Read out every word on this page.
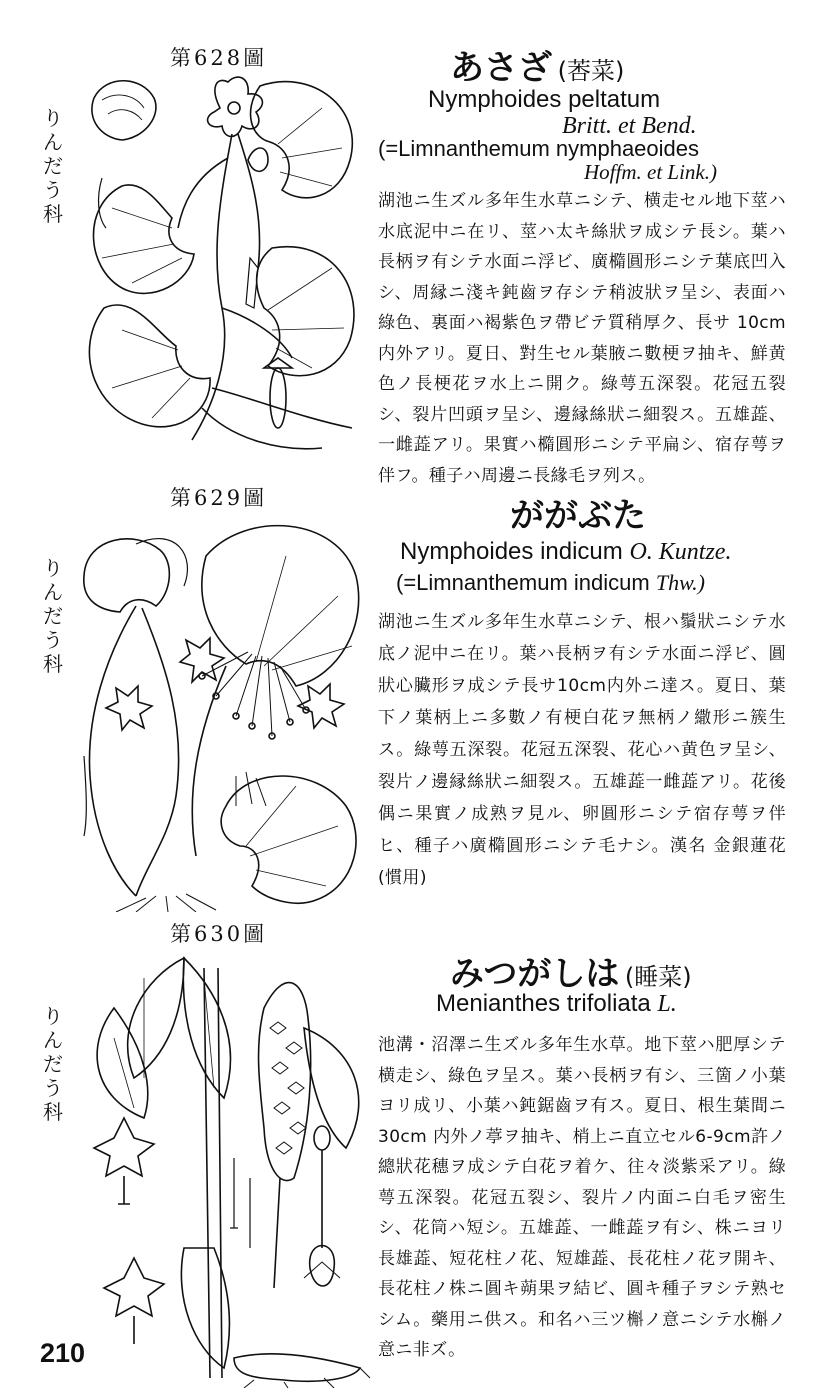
第628圖
りんだう科
あさざ (莕菜)
Nymphoides peltatum
Britt. et Bend.
(=Limnanthemum nymphaeoides
Hoffm. et Link.)
湖池ニ生ズル多年生水草ニシテ、横走セル地下莖ハ水底泥中ニ在リ、莖ハ太キ絲狀ヲ成シテ長シ。葉ハ長柄ヲ有シテ水面ニ浮ビ、廣橢圓形ニシテ葉底凹入シ、周縁ニ淺キ鈍齒ヲ存シテ稍波狀ヲ呈シ、表面ハ綠色、裏面ハ褐紫色ヲ帶ビテ質稍厚ク、長サ 10cm 内外アリ。夏日、對生セル葉腋ニ數梗ヲ抽キ、鮮黄色ノ長梗花ヲ水上ニ開ク。綠萼五深裂。花冠五裂シ、裂片凹頭ヲ呈シ、邊縁絲狀ニ細裂ス。五雄蕋、一雌蕋アリ。果實ハ橢圓形ニシテ平扁シ、宿存萼ヲ伴フ。種子ハ周邊ニ長緣毛ヲ列ス。
第629圖
りんだう科
ががぶた
Nymphoides indicum O. Kuntze.
(=Limnanthemum indicum Thw.)
湖池ニ生ズル多年生水草ニシテ、根ハ鬚狀ニシテ水底ノ泥中ニ在リ。葉ハ長柄ヲ有シテ水面ニ浮ビ、圓狀心臟形ヲ成シテ長サ10cm内外ニ達ス。夏日、葉下ノ葉柄上ニ多數ノ有梗白花ヲ無柄ノ繖形ニ簇生ス。綠萼五深裂。花冠五深裂、花心ハ黄色ヲ呈シ、裂片ノ邊縁絲狀ニ細裂ス。五雄蕋一雌蕋アリ。花後偶ニ果實ノ成熟ヲ見ル、卵圓形ニシテ宿存萼ヲ伴ヒ、種子ハ廣橢圓形ニシテ毛ナシ。漢名 金銀蓮花(慣用)
第630圖
りんだう科
みつがしは (睡菜)
Menianthes trifoliata L.
池溝・沼澤ニ生ズル多年生水草。地下莖ハ肥厚シテ横走シ、綠色ヲ呈ス。葉ハ長柄ヲ有シ、三箇ノ小葉ヨリ成リ、小葉ハ鈍鋸齒ヲ有ス。夏日、根生葉間ニ 30cm 内外ノ葶ヲ抽キ、梢上ニ直立セル6-9cm許ノ總狀花穗ヲ成シテ白花ヲ着ケ、往々淡紫采アリ。綠萼五深裂。花冠五裂シ、裂片ノ内面ニ白毛ヲ密生シ、花筒ハ短シ。五雄蕋、一雌蕋ヲ有シ、株ニヨリ長雄蕋、短花柱ノ花、短雄蕋、長花柱ノ花ヲ開キ、長花柱ノ株ニ圓キ蒴果ヲ結ビ、圓キ種子ヲシテ熟セシム。藥用ニ供ス。和名ハ三ツ槲ノ意ニシテ水槲ノ意ニ非ズ。
210
